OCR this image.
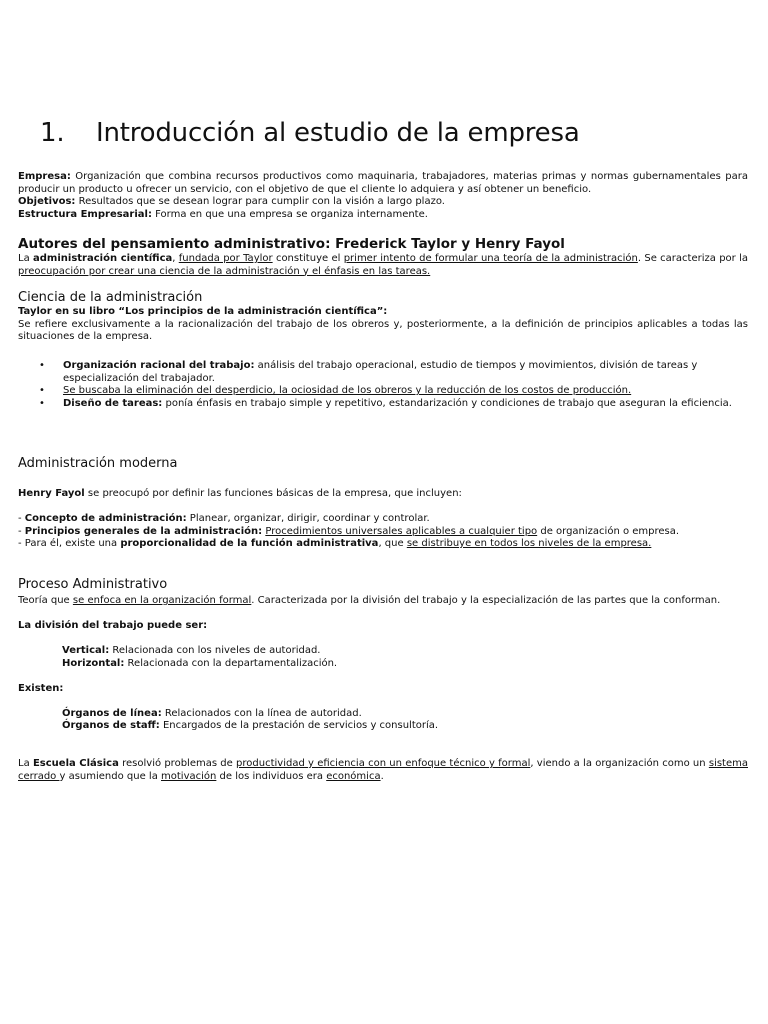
1. Introducción al estudio de la empresa

Empresa: Organización que combina recursos productivos como maquinaria, trabajadores, materias primas y normas gubernamentales para producir un producto u ofrecer un servicio, con el objetivo de que el cliente lo adquiera y así obtener un beneficio.

Objetivos: Resultados que se desean lograr para cumplir con la visión a largo plazo.

Estructura Empresarial: Forma en que una empresa se organiza internamente.

Autores del pensamiento administrativo: Frederick Taylor y Henry Fayol

La administración científica, fundada por Taylor constituye el primer intento de formular una teoría de la administración. Se caracteriza por la preocupación por crear una ciencia de la administración y el énfasis en las tareas.

Ciencia de la administración

Taylor en su libro “Los principios de la administración científica”:

Se refiere exclusivamente a la racionalización del trabajo de los obreros y, posteriormente, a la definición de principios aplicables a todas las situaciones de la empresa.

• Organización racional del trabajo: análisis del trabajo operacional, estudio de tiempos y movimientos, división de tareas y especialización del trabajador.
• Se buscaba la eliminación del desperdicio, la ociosidad de los obreros y la reducción de los costos de producción.
• Diseño de tareas: ponía énfasis en trabajo simple y repetitivo, estandarización y condiciones de trabajo que aseguran la eficiencia.
Administración moderna

Henry Fayol se preocupó por definir las funciones básicas de la empresa, que incluyen:

- Concepto de administración: Planear, organizar, dirigir, coordinar y controlar.

- Principios generales de la administración: Procedimientos universales aplicables a cualquier tipo de organización o empresa.

- Para él, existe una proporcionalidad de la función administrativa, que se distribuye en todos los niveles de la empresa.

Proceso Administrativo

Teoría que se enfoca en la organización formal. Caracterizada por la división del trabajo y la especialización de las partes que la conforman.

La división del trabajo puede ser:

Vertical: Relacionada con los niveles de autoridad.

Horizontal: Relacionada con la departamentalización.

Existen:

Órganos de línea: Relacionados con la línea de autoridad.

Órganos de staff: Encargados de la prestación de servicios y consultoría.

La Escuela Clásica resolvió problemas de productividad y eficiencia con un enfoque técnico y formal, viendo a la organización como un sistema cerrado y asumiendo que la motivación de los individuos era económica.
